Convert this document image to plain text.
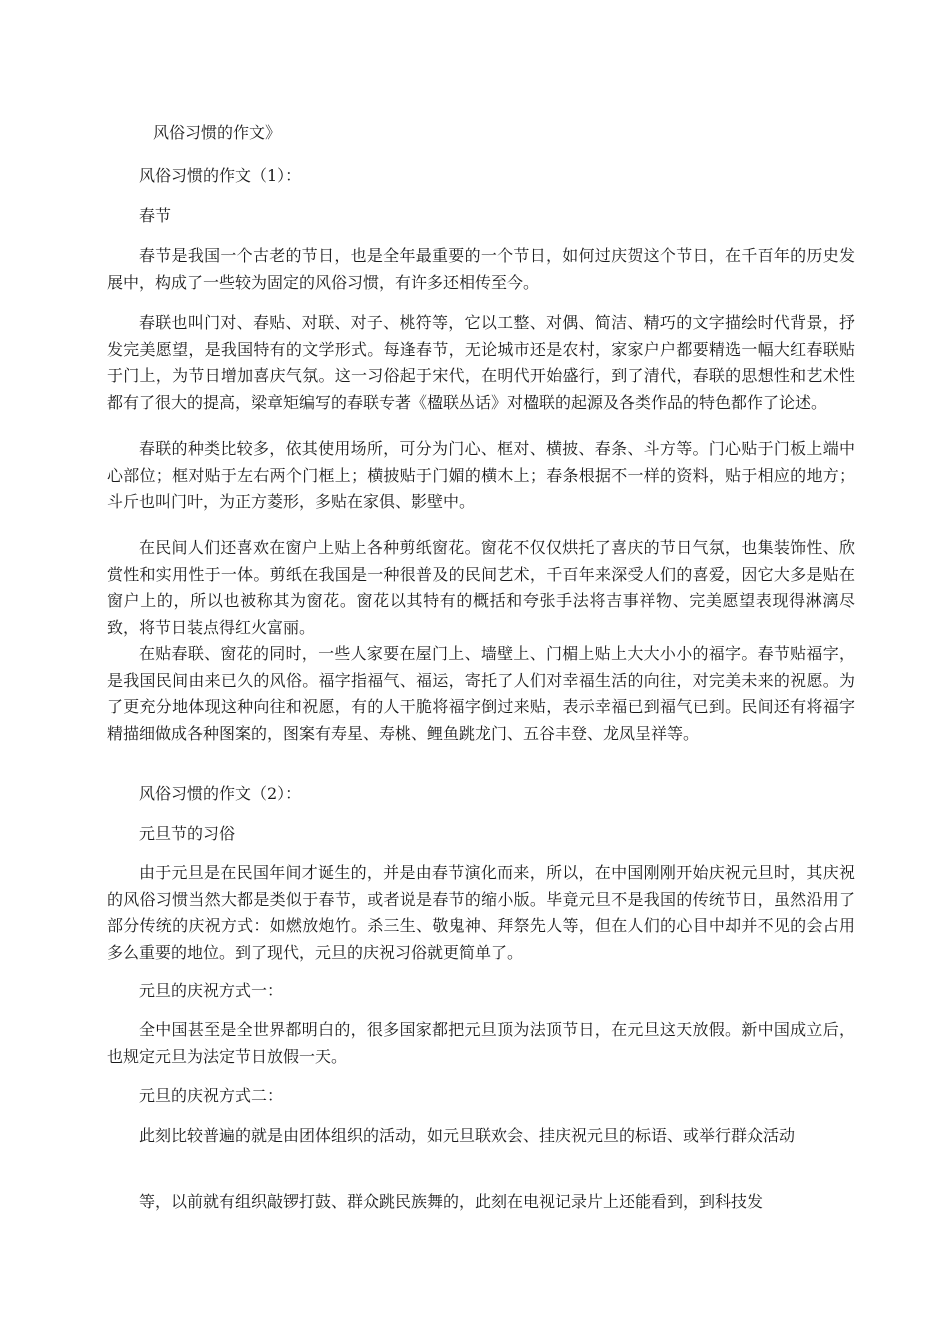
风俗习惯的作文》

风俗习惯的作文（1）：

春节

春节是我国一个古老的节日，也是全年最重要的一个节日，如何过庆贺这个节日，在千百年的历史发展中，构成了一些较为固定的风俗习惯，有许多还相传至今。

春联也叫门对、春贴、对联、对子、桃符等，它以工整、对偶、简洁、精巧的文字描绘时代背景，抒发完美愿望，是我国特有的文学形式。每逢春节，无论城市还是农村，家家户户都要精选一幅大红春联贴于门上，为节日增加喜庆气氛。这一习俗起于宋代，在明代开始盛行，到了清代，春联的思想性和艺术性都有了很大的提高，梁章矩编写的春联专著《楹联丛话》对楹联的起源及各类作品的特色都作了论述。

春联的种类比较多，依其使用场所，可分为门心、框对、横披、春条、斗方等。门心贴于门板上端中心部位；框对贴于左右两个门框上；横披贴于门媚的横木上；春条根据不一样的资料，贴于相应的地方；斗斤也叫门叶，为正方菱形，多贴在家俱、影壁中。

在民间人们还喜欢在窗户上贴上各种剪纸窗花。窗花不仅仅烘托了喜庆的节日气氛，也集装饰性、欣赏性和实用性于一体。剪纸在我国是一种很普及的民间艺术，千百年来深受人们的喜爱，因它大多是贴在窗户上的，所以也被称其为窗花。窗花以其特有的概括和夸张手法将吉事祥物、完美愿望表现得淋漓尽致，将节日装点得红火富丽。

在贴春联、窗花的同时，一些人家要在屋门上、墙壁上、门楣上贴上大大小小的福字。春节贴福字，是我国民间由来已久的风俗。福字指福气、福运，寄托了人们对幸福生活的向往，对完美未来的祝愿。为了更充分地体现这种向往和祝愿，有的人干脆将福字倒过来贴，表示幸福已到福气已到。民间还有将福字精描细做成各种图案的，图案有寿星、寿桃、鲤鱼跳龙门、五谷丰登、龙凤呈祥等。

风俗习惯的作文（2）：

元旦节的习俗

由于元旦是在民国年间才诞生的，并是由春节演化而来，所以，在中国刚刚开始庆祝元旦时，其庆祝的风俗习惯当然大都是类似于春节，或者说是春节的缩小版。毕竟元旦不是我国的传统节日，虽然沿用了部分传统的庆祝方式：如燃放炮竹。杀三生、敬鬼神、拜祭先人等，但在人们的心目中却并不见的会占用多么重要的地位。到了现代，元旦的庆祝习俗就更简单了。

元旦的庆祝方式一：

全中国甚至是全世界都明白的，很多国家都把元旦顶为法顶节日，在元旦这天放假。新中国成立后，也规定元旦为法定节日放假一天。

元旦的庆祝方式二：

此刻比较普遍的就是由团体组织的活动，如元旦联欢会、挂庆祝元旦的标语、或举行群众活动

等，以前就有组织敲锣打鼓、群众跳民族舞的，此刻在电视记录片上还能看到，到科技发
